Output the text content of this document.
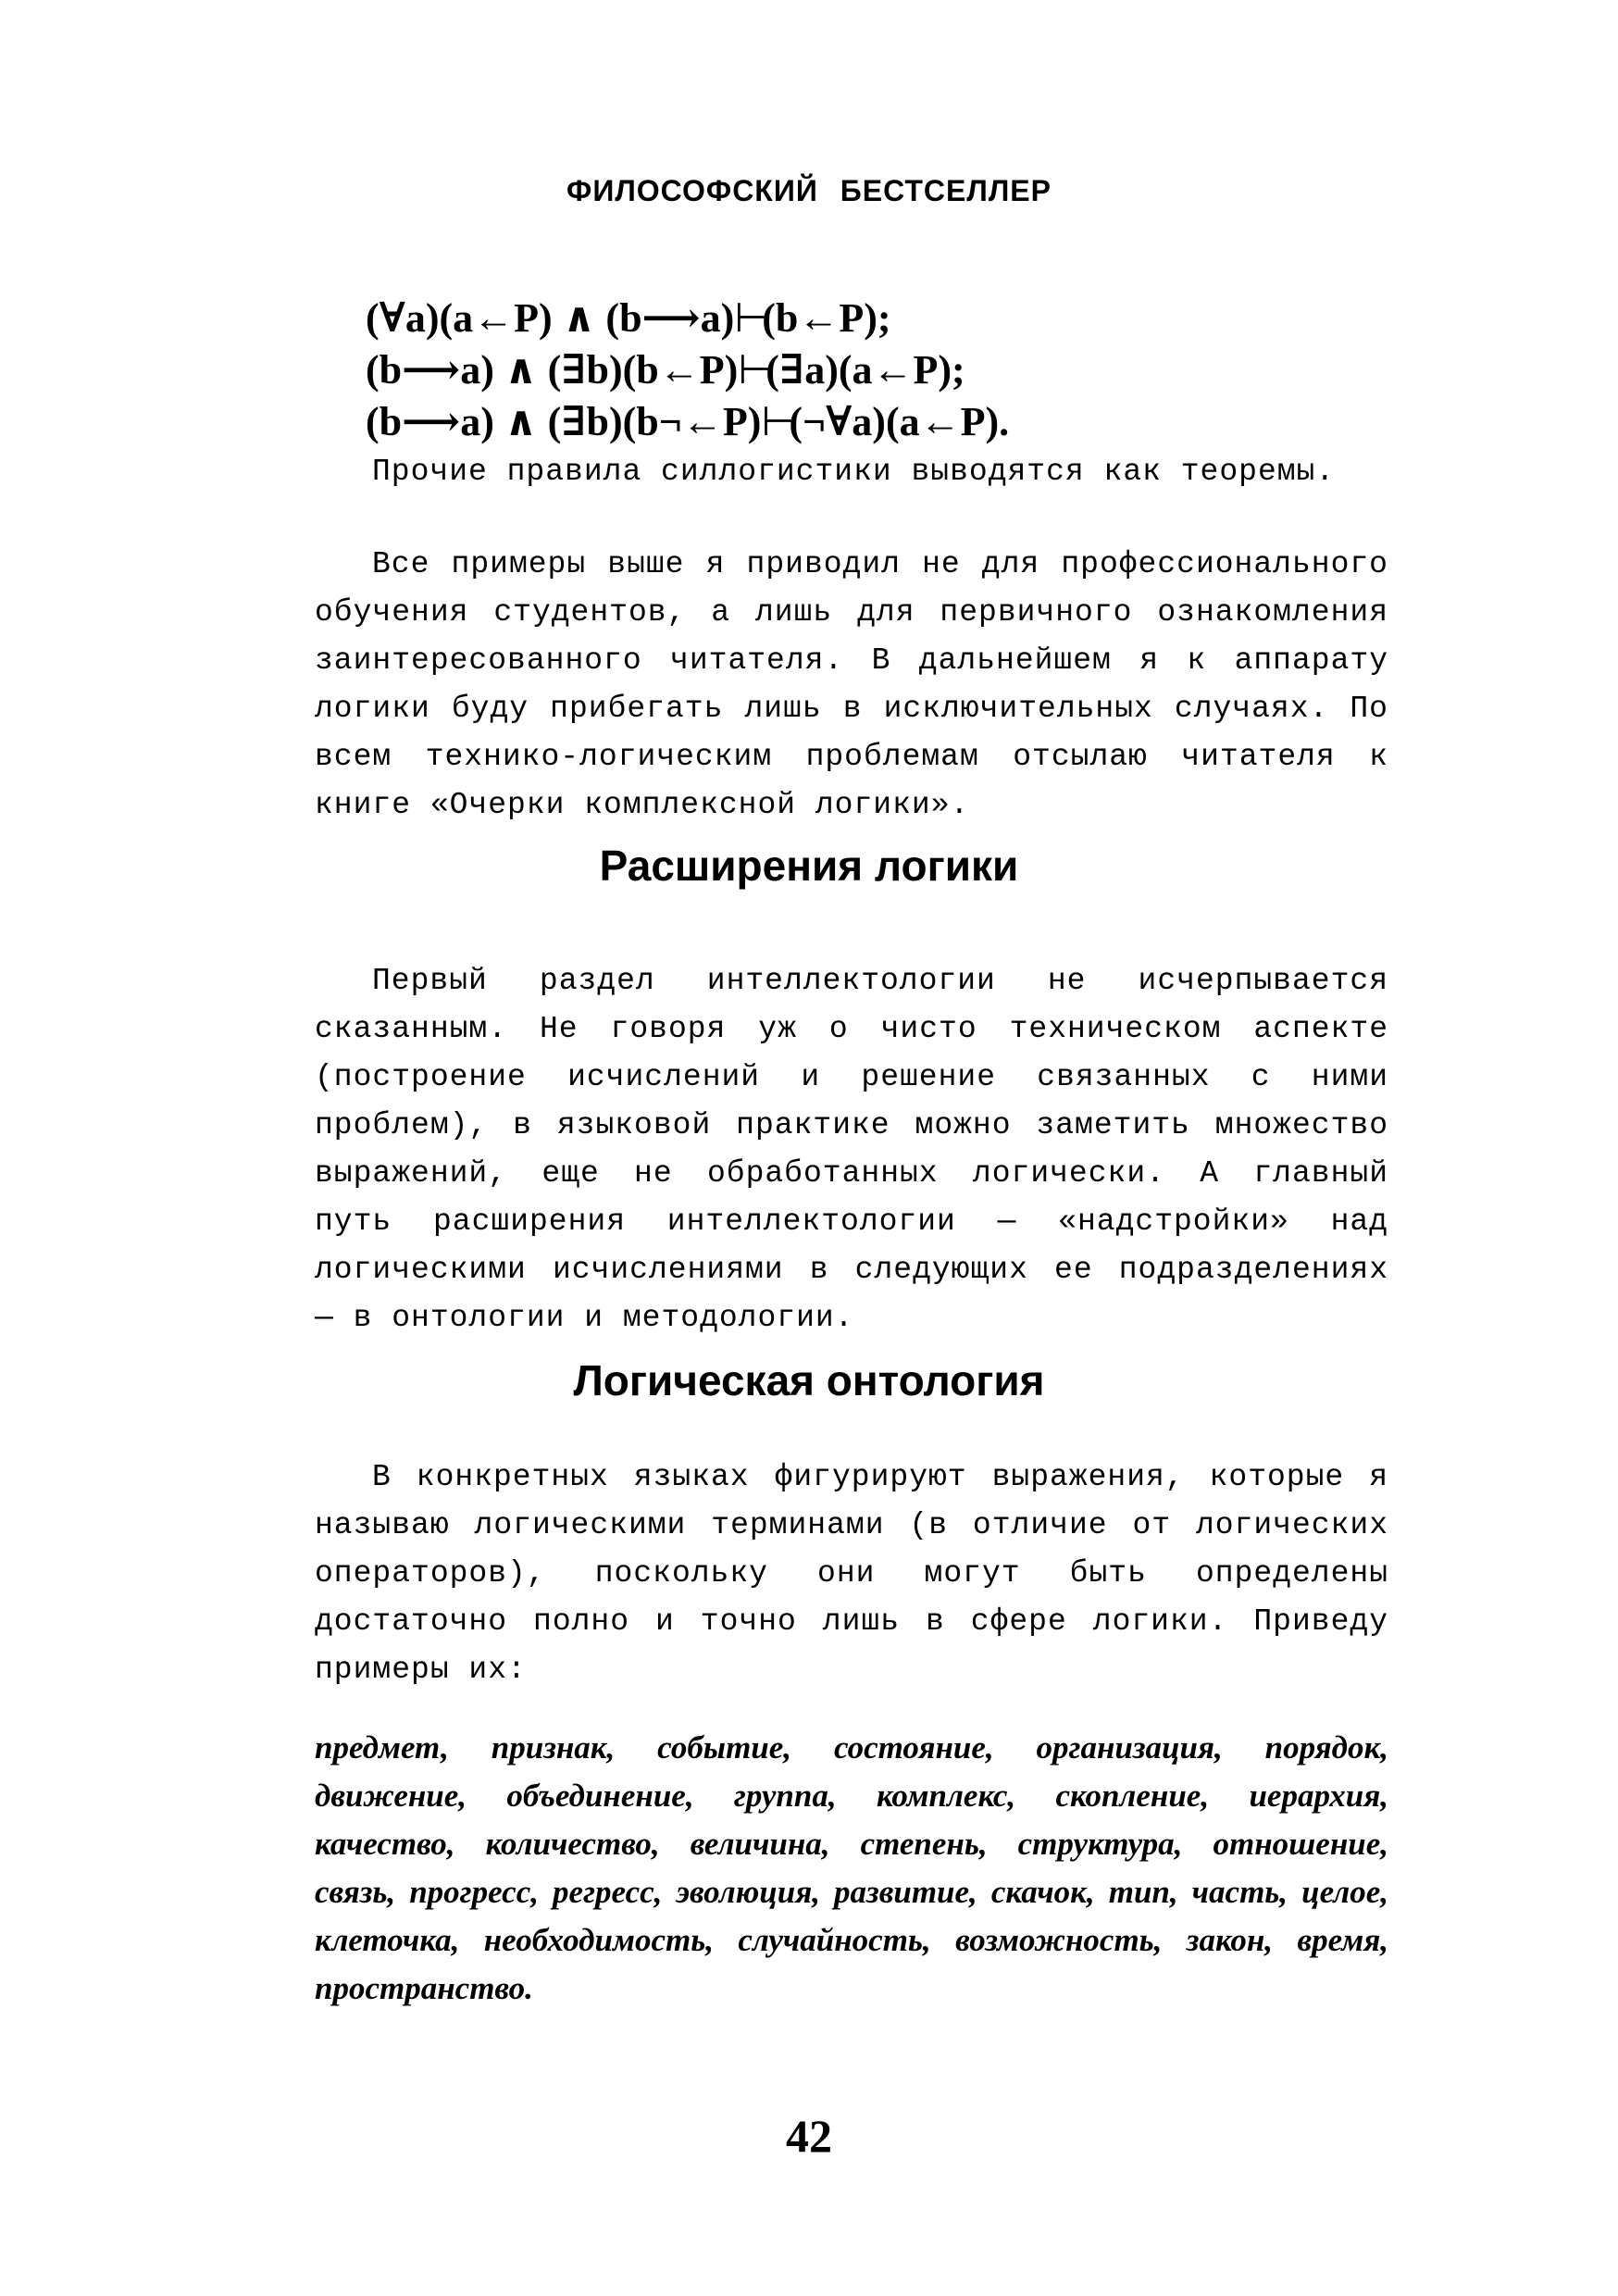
ФИЛОСОФСКИЙ БЕСТСЕЛЛЕР
(∀a)(a←P) ∧ (b⟶a) ⊢
(b←P);
(b⟶a) ∧ (∃b)(b←P) ⊢
(∃a)(a←P);
(b⟶a) ∧ (∃b)(b¬←P) ⊢
(¬∀a)(a←P).

Прочие правила силлогистики выводятся как теоремы.

Все примеры выше я приводил не для профессионального обучения студентов, а лишь для первичного ознакомления заинтересованного читателя. В дальнейшем я к аппарату логики буду прибегать лишь в исключительных случаях. По всем технико-логическим проблемам отсылаю читателя к книге «Очерки комплексной логики».

Расширения логики

Первый раздел интеллектологии не исчерпывается сказанным. Не говоря уж о чисто техническом аспекте (построение исчислений и решение связанных с ними проблем), в языковой практике можно заметить множество выражений, еще не обработанных логически. А главный путь расширения интеллектологии — «надстройки» над логическими исчислениями в следующих ее подразделениях — в онтологии и методологии.

Логическая онтология

В конкретных языках фигурируют выражения, которые я называю логическими терминами (в отличие от логических операторов), поскольку они могут быть определены достаточно полно и точно лишь в сфере логики. Приведу примеры их:

предмет, признак, событие, состояние, организация, порядок, движение, объединение, группа, комплекс, скопление, иерархия, качество, количество, величина, степень, структура, отношение, связь, прогресс, регресс, эволюция, развитие, скачок, тип, часть, целое, клеточка, необходимость, случайность, возможность, закон, время, пространство.
42
